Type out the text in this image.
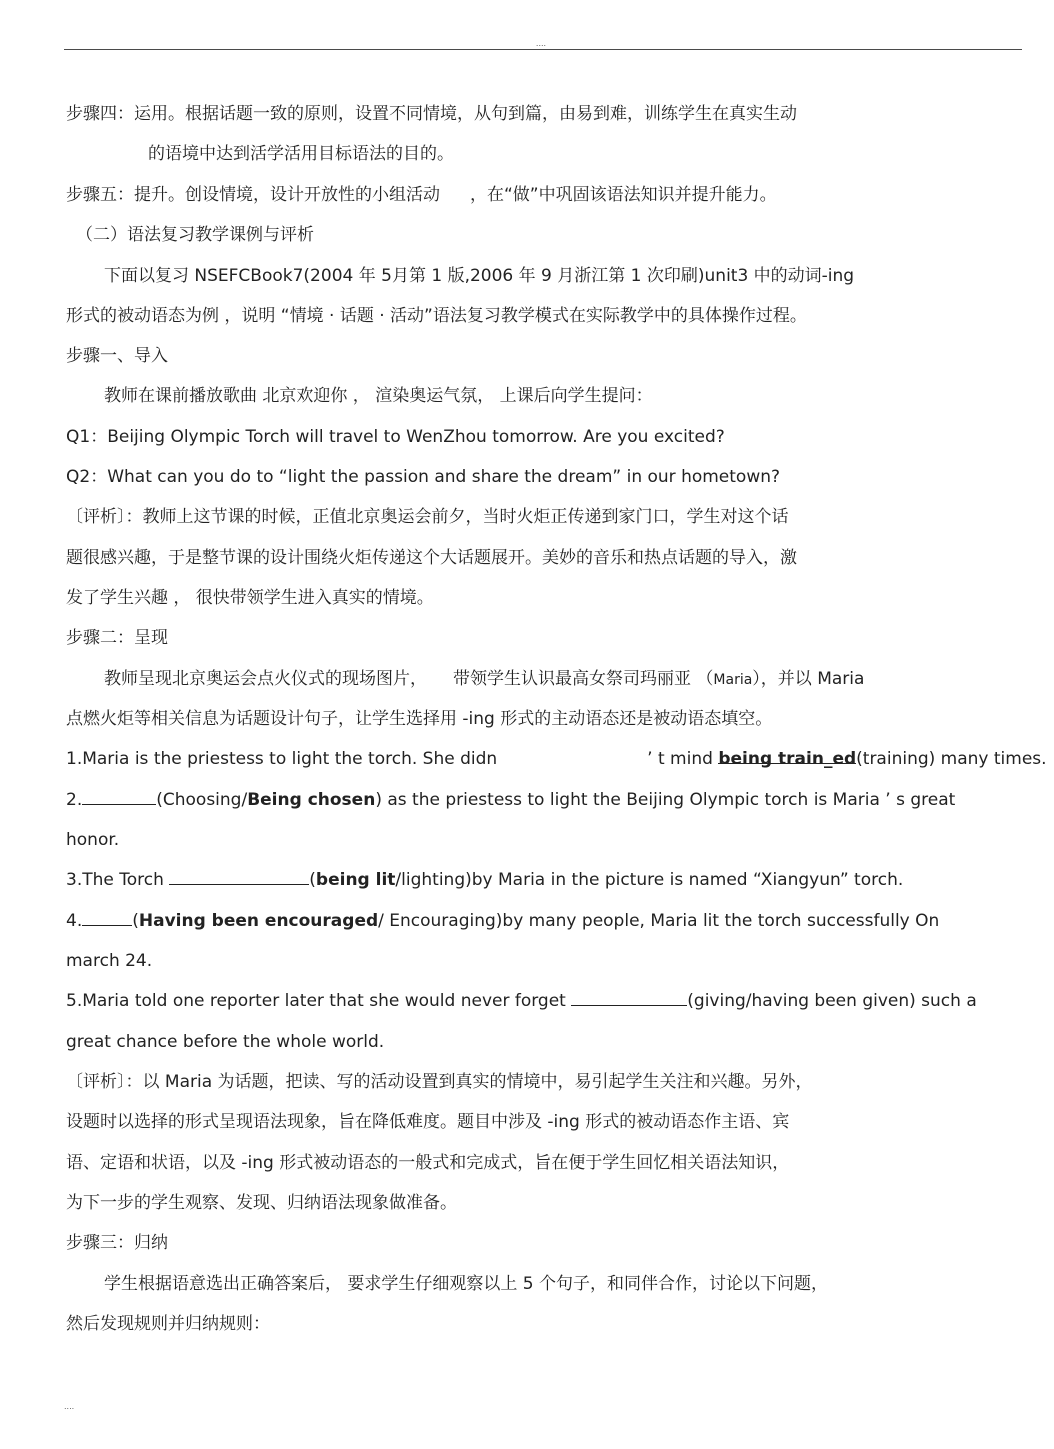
....
步骤四：运用。根据话题一致的原则，设置不同情境，从句到篇，由易到难，训练学生在真实生动
的语境中达到活学活用目标语法的目的。
步骤五：提升。创设情境，设计开放性的小组活动 ，在“做”中巩固该语法知识并提升能力。
（二）语法复习教学课例与评析
下面以复习 NSEFCBook7(2004 年 5月第 1 版,2006 年 9 月浙江第 1 次印刷)unit3 中的动词-ing
形式的被动语态为例 ，说明 “情境 · 话题 · 活动”语法复习教学模式在实际教学中的具体操作过程。
步骤一、导入
教师在课前播放歌曲 北京欢迎你 ， 渲染奥运气氛， 上课后向学生提问：
Q1：Beijing Olympic Torch will travel to WenZhou tomorrow. Are you excited?
Q2：What can you do to “light the passion and share the dream” in our hometown?
〔评析〕：教师上这节课的时候，正值北京奥运会前夕，当时火炬正传递到家门口，学生对这个话
题很感兴趣，于是整节课的设计围绕火炬传递这个大话题展开。美妙的音乐和热点话题的导入，激
发了学生兴趣 ， 很快带领学生进入真实的情境。
步骤二：呈现
教师呈现北京奥运会点火仪式的现场图片， 带领学生认识最高女祭司玛丽亚 （Maria），并以 Maria
点燃火炬等相关信息为话题设计句子，让学生选择用 -ing 形式的主动语态还是被动语态填空。
1.Maria is the priestess to light the torch. She didn	’ t mind being train_ed(training) many times.
2.	(Choosing/Being chosen) as the priestess to light the Beijing Olympic torch is Maria ’ s great
honor.
3.The Torch	(being lit/lighting)by Maria in the picture is named “Xiangyun” torch.
4.	(Having been encouraged/ Encouraging)by many people, Maria lit the torch successfully On
march 24.
5.Maria told one reporter later that she would never forget	(giving/having been given) such a
great chance before the whole world.
〔评析〕：以 Maria 为话题，把读、写的活动设置到真实的情境中，易引起学生关注和兴趣。另外，
设题时以选择的形式呈现语法现象，旨在降低难度。题目中涉及 -ing 形式的被动语态作主语、宾
语、定语和状语，以及 -ing 形式被动语态的一般式和完成式，旨在便于学生回忆相关语法知识，
为下一步的学生观察、发现、归纳语法现象做准备。
步骤三：归纳
学生根据语意选出正确答案后， 要求学生仔细观察以上 5 个句子，和同伴合作，讨论以下问题，
然后发现规则并归纳规则：
....
